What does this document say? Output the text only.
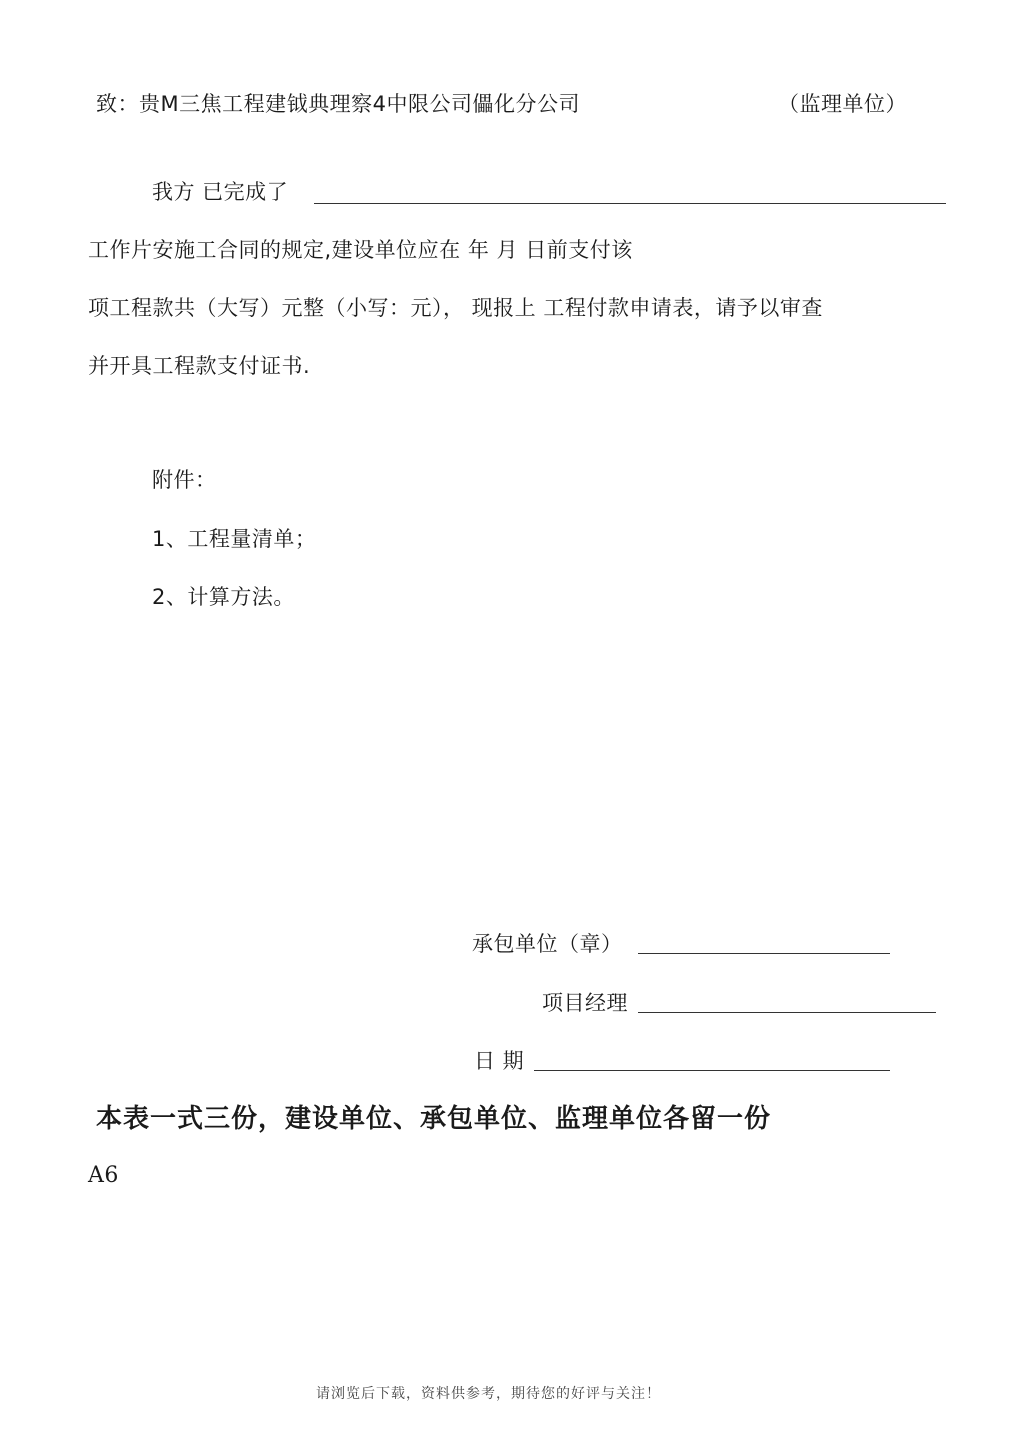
致：贵M三焦工程建钺典理察4中限公司儡化分公司	（监理单位）
我方 已完成了
工作片安施工合同的规定,建设单位应在 年 月 日前支付该
项工程款共（大写）元整（小写：元）， 现报上 工程付款申请表，请予以审查
并开具工程款支付证书.
附件：
1、工程量清单；
2、计算方法。
承包单位（章）
项目经理
日 期
本表一式三份，建设单位、承包单位、监理单位各留一份
A6
请浏览后下载，资料供参考，期待您的好评与关注！
